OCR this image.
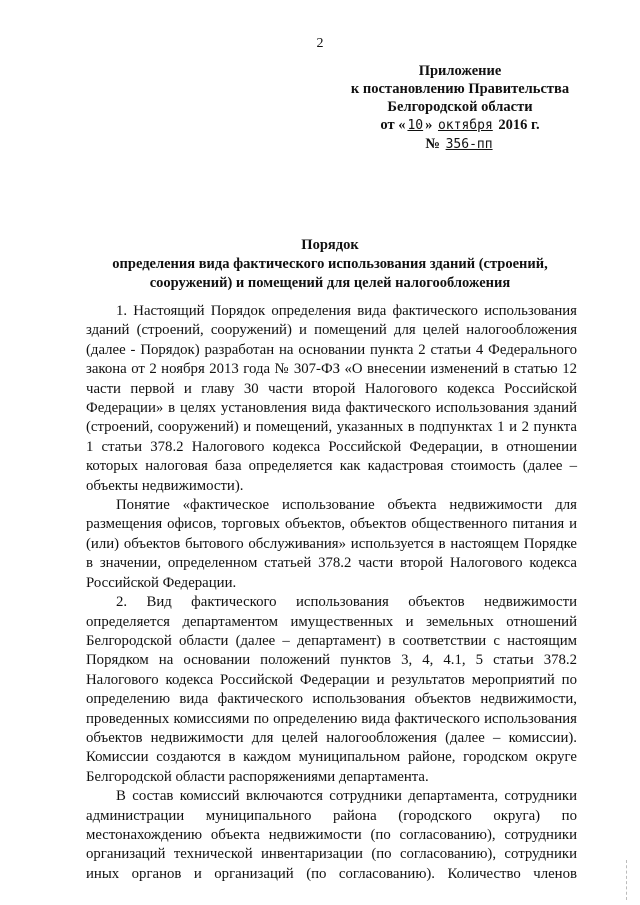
2
Приложение
к постановлению Правительства
Белгородской области
от « 10 » октября 2016 г.
№ 356-пп
Порядок
определения вида фактического использования зданий (строений,
сооружений) и помещений для целей налогообложения

1. Настоящий Порядок определения вида фактического использования зданий (строений, сооружений) и помещений для целей налогообложения (далее - Порядок) разработан на основании пункта 2 статьи 4 Федерального закона от 2 ноября 2013 года № 307-ФЗ «О внесении изменений в статью 12 части первой и главу 30 части второй Налогового кодекса Российской Федерации» в целях установления вида фактического использования зданий (строений, сооружений) и помещений, указанных в подпунктах 1 и 2 пункта 1 статьи 378.2 Налогового кодекса Российской Федерации, в отношении которых налоговая база определяется как кадастровая стоимость (далее – объекты недвижимости).

Понятие «фактическое использование объекта недвижимости для размещения офисов, торговых объектов, объектов общественного питания и (или) объектов бытового обслуживания» используется в настоящем Порядке в значении, определенном статьей 378.2 части второй Налогового кодекса Российской Федерации.

2. Вид фактического использования объектов недвижимости определяется департаментом имущественных и земельных отношений Белгородской области (далее – департамент) в соответствии с настоящим Порядком на основании положений пунктов 3, 4, 4.1, 5 статьи 378.2 Налогового кодекса Российской Федерации и результатов мероприятий по определению вида фактического использования объектов недвижимости, проведенных комиссиями по определению вида фактического использования объектов недвижимости для целей налогообложения (далее – комиссии). Комиссии создаются в каждом муниципальном районе, городском округе Белгородской области распоряжениями департамента.

В состав комиссий включаются сотрудники департамента, сотрудники администрации муниципального района (городского округа) по местонахождению объекта недвижимости (по согласованию), сотрудники организаций технической инвентаризации (по согласованию), сотрудники иных органов и организаций (по согласованию). Количество членов
